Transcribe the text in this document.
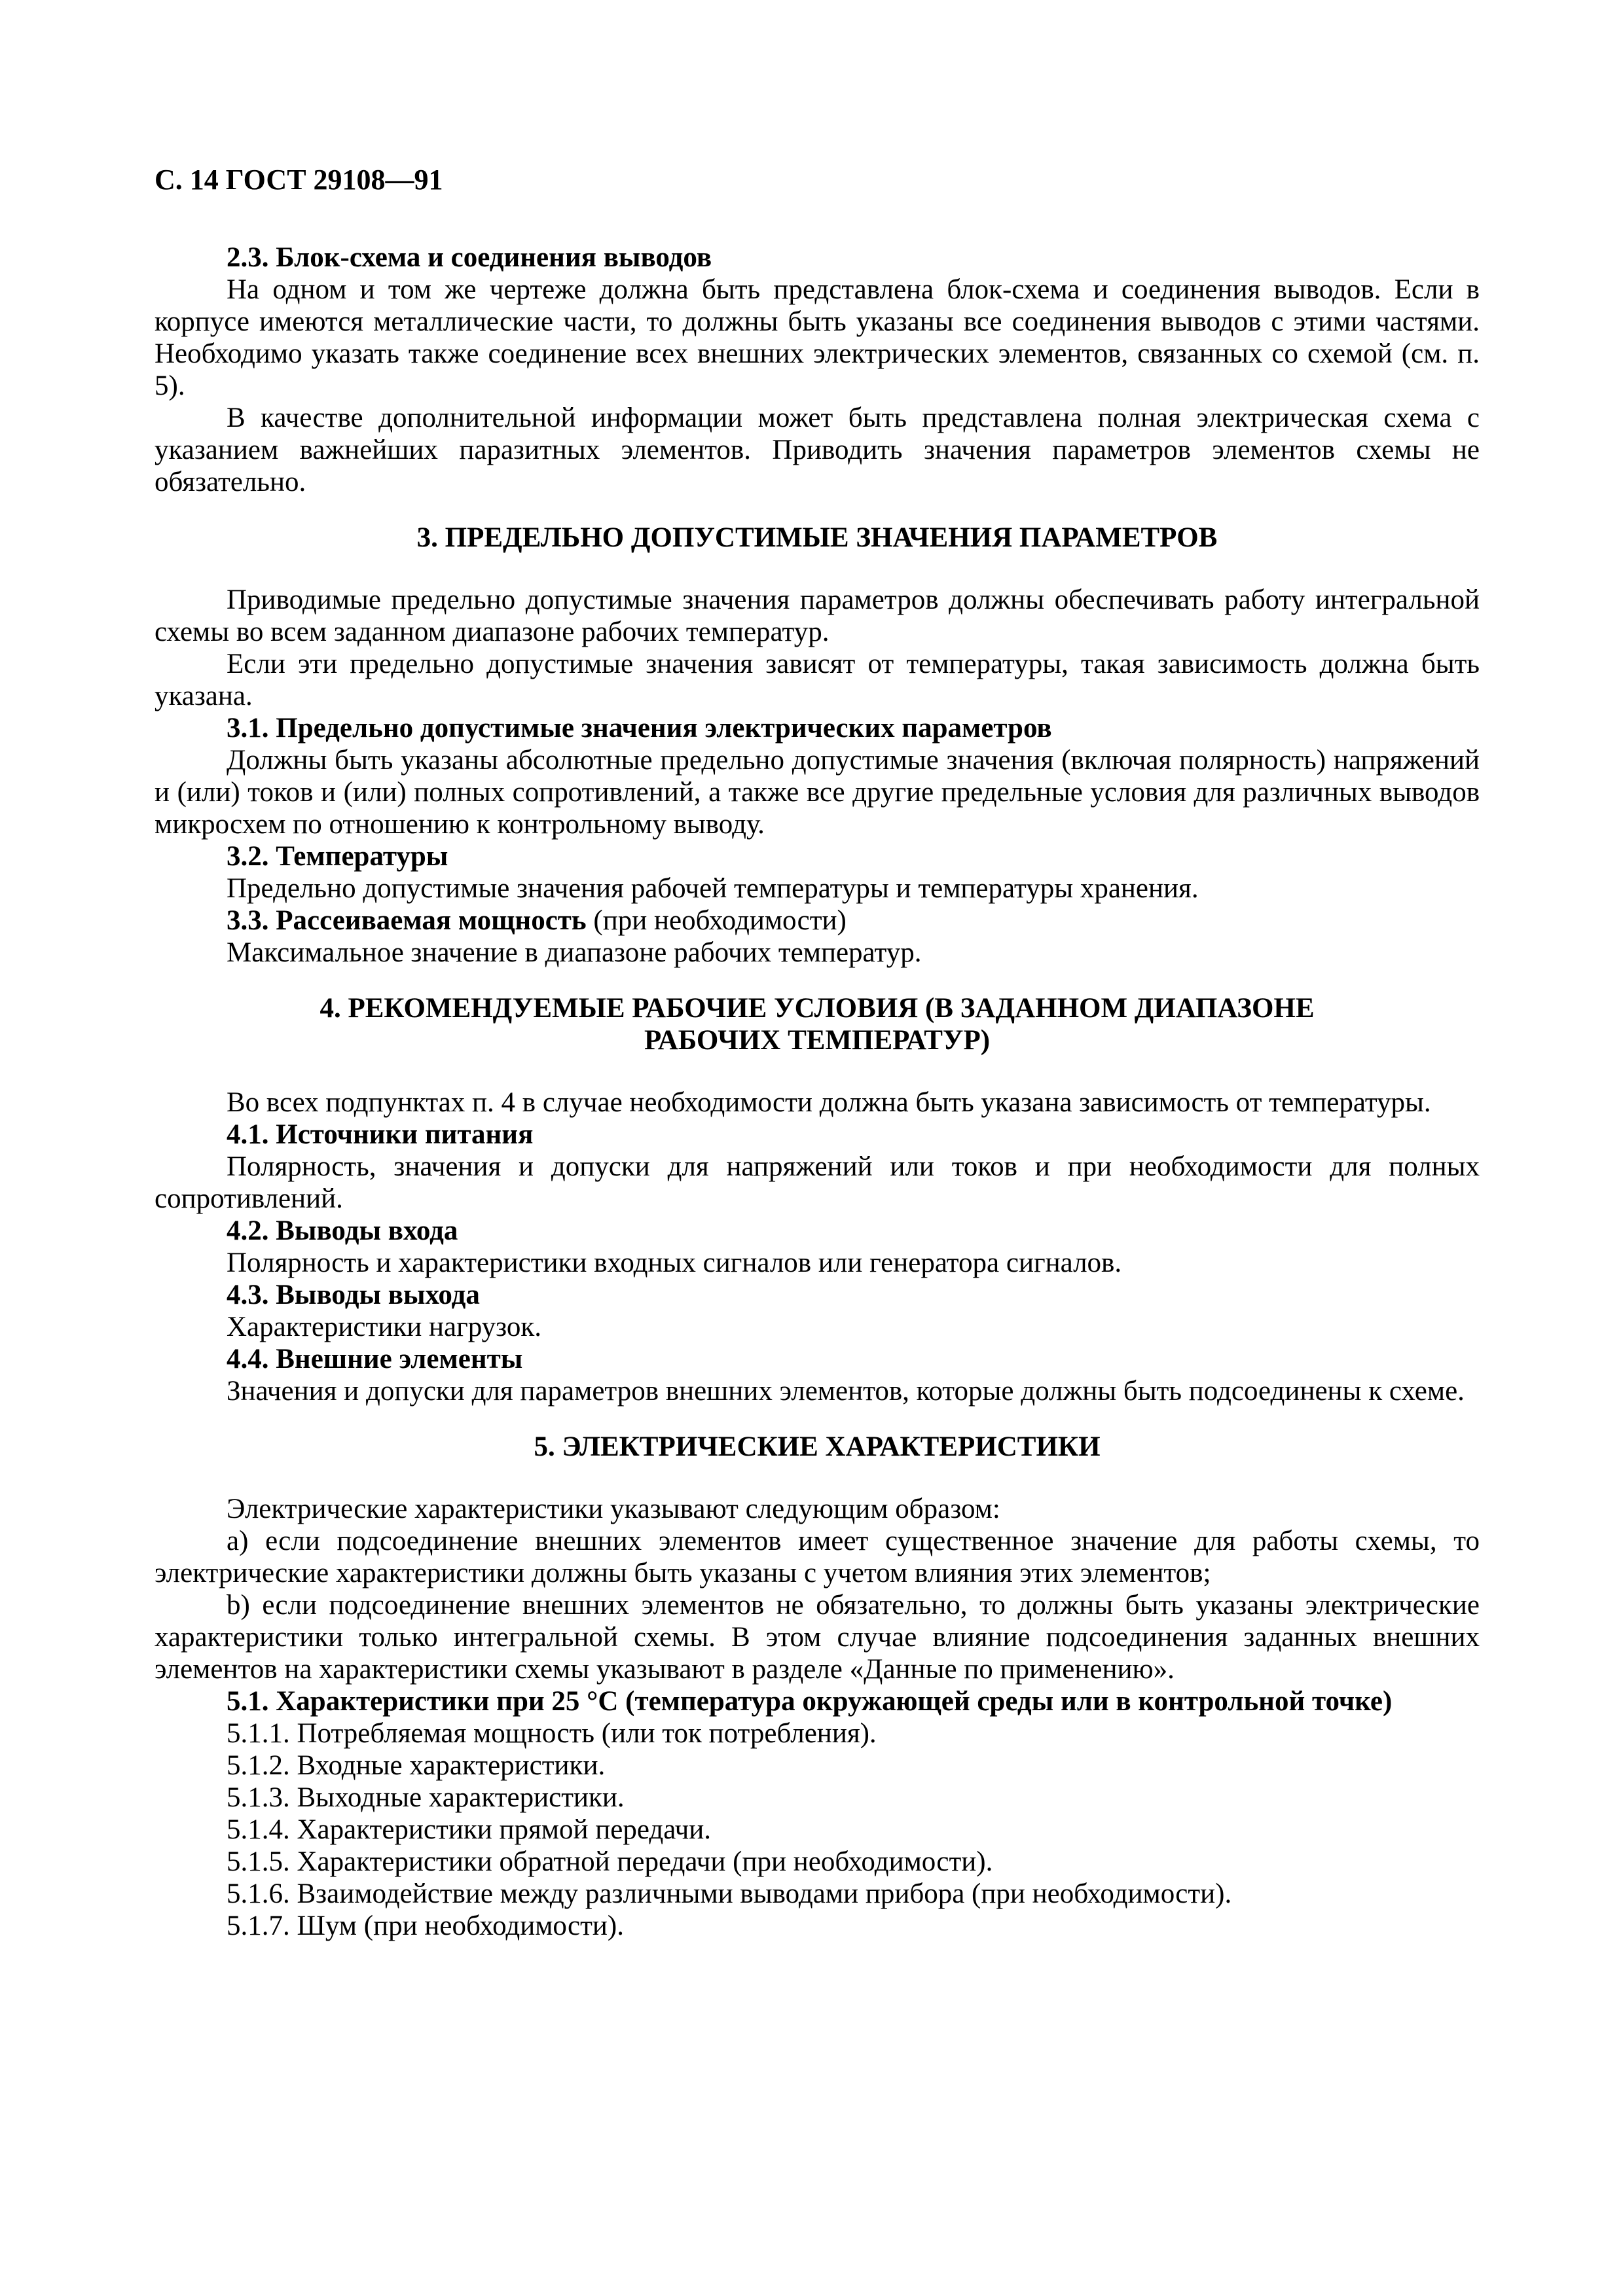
С. 14 ГОСТ 29108—91

2.3. Блок-схема и соединения выводов

На одном и том же чертеже должна быть представлена блок-схема и соединения выводов. Если в корпусе имеются металлические части, то должны быть указаны все соединения выводов с этими частями. Необходимо указать также соединение всех внешних электрических элементов, связанных со схемой (см. п. 5).

В качестве дополнительной информации может быть представлена полная электрическая схема с указанием важнейших паразитных элементов. Приводить значения параметров элементов схемы не обязательно.

3. ПРЕДЕЛЬНО ДОПУСТИМЫЕ ЗНАЧЕНИЯ ПАРАМЕТРОВ

Приводимые предельно допустимые значения параметров должны обеспечивать работу интегральной схемы во всем заданном диапазоне рабочих температур.

Если эти предельно допустимые значения зависят от температуры, такая зависимость должна быть указана.

3.1. Предельно допустимые значения электрических параметров

Должны быть указаны абсолютные предельно допустимые значения (включая полярность) напряжений и (или) токов и (или) полных сопротивлений, а также все другие предельные условия для различных выводов микросхем по отношению к контрольному выводу.

3.2. Температуры

Предельно допустимые значения рабочей температуры и температуры хранения.

3.3. Рассеиваемая мощность (при необходимости)

Максимальное значение в диапазоне рабочих температур.

4. РЕКОМЕНДУЕМЫЕ РАБОЧИЕ УСЛОВИЯ (В ЗАДАННОМ ДИАПАЗОНЕ

РАБОЧИХ ТЕМПЕРАТУР)

Во всех подпунктах п. 4 в случае необходимости должна быть указана зависимость от температуры.

4.1. Источники питания

Полярность, значения и допуски для напряжений или токов и при необходимости для полных сопротивлений.

4.2. Выводы входа

Полярность и характеристики входных сигналов или генератора сигналов.

4.3. Выводы выхода

Характеристики нагрузок.

4.4. Внешние элементы

Значения и допуски для параметров внешних элементов, которые должны быть подсоединены к схеме.

5. ЭЛЕКТРИЧЕСКИЕ ХАРАКТЕРИСТИКИ

Электрические характеристики указывают следующим образом:

а) если подсоединение внешних элементов имеет существенное значение для работы схемы, то электрические характеристики должны быть указаны с учетом влияния этих элементов;

b) если подсоединение внешних элементов не обязательно, то должны быть указаны электрические характеристики только интегральной схемы. В этом случае влияние подсоединения заданных внешних элементов на характеристики схемы указывают в разделе «Данные по применению».

5.1. Характеристики при 25 °С (температура окружающей среды или в контрольной точке)

5.1.1. Потребляемая мощность (или ток потребления).

5.1.2. Входные характеристики.

5.1.3. Выходные характеристики.

5.1.4. Характеристики прямой передачи.

5.1.5. Характеристики обратной передачи (при необходимости).

5.1.6. Взаимодействие между различными выводами прибора (при необходимости).

5.1.7. Шум (при необходимости).
